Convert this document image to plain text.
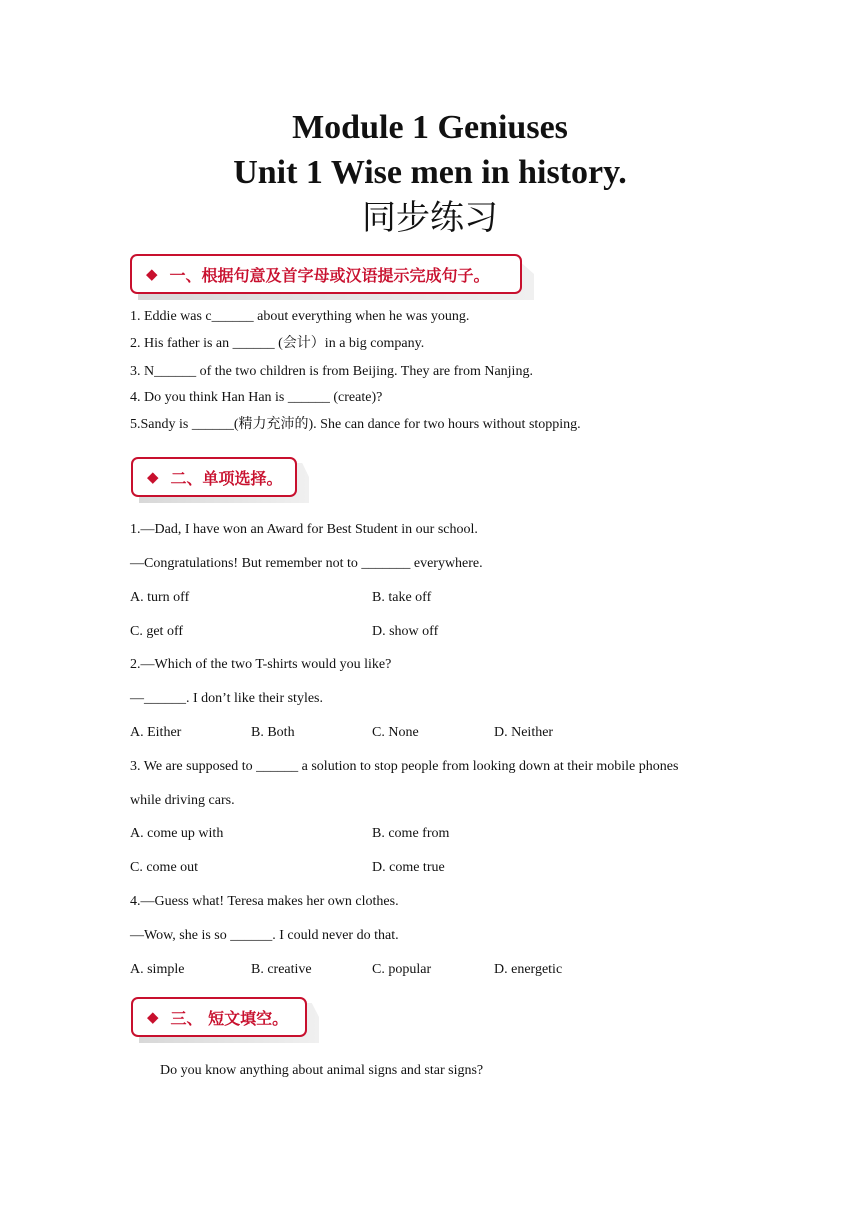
Module 1 Geniuses
Unit 1 Wise men in history.
同步练习
◆ 一、根据句意及首字母或汉语提示完成句子。
1. Eddie was c______ about everything when he was young.
2. His father is an ______ (会计）in a big company.
3. N______ of the two children is from Beijing. They are from Nanjing.
4. Do you think Han Han is ______ (create)?
5.Sandy is ______(精力充沛的). She can dance for two hours without stopping.
◆ 二、单项选择。
1.—Dad, I have won an Award for Best Student in our school.
—Congratulations! But remember not to _______ everywhere.
A. turn off	B. take off
C. get off	D. show off
2.—Which of the two T-shirts would you like?
—______. I don’t like their styles.
A. Either	B. Both	C. None	D. Neither
3. We are supposed to ______ a solution to stop people from looking down at their mobile phones
while driving cars.
A. come up with	B. come from
C. come out	D. come true
4.—Guess what! Teresa makes her own clothes.
—Wow, she is so ______. I could never do that.
A. simple	B. creative	C. popular	D. energetic
◆ 三、 短文填空。
Do you know anything about animal signs and star signs?
